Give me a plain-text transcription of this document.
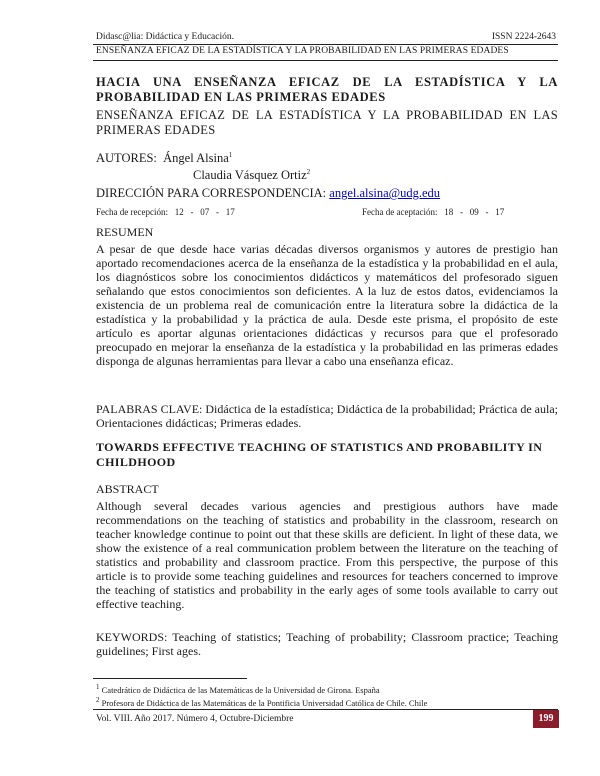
Didasc@lia: Didáctica y Educación.	ISSN 2224-2643
ENSEÑANZA EFICAZ DE LA ESTADÍSTICA Y LA PROBABILIDAD EN LAS PRIMERAS EDADES
HACIA UNA ENSEÑANZA EFICAZ DE LA ESTADÍSTICA Y LA PROBABILIDAD EN LAS PRIMERAS EDADES
ENSEÑANZA EFICAZ DE LA ESTADÍSTICA Y LA PROBABILIDAD EN LAS PRIMERAS EDADES
AUTORES: Ángel Alsina$^1$
Claudia Vásquez Ortiz$^2$
DIRECCIÓN PARA CORRESPONDENCIA: angel.alsina@udg.edu
Fecha de recepción:   12   -   07   -   17	Fecha de aceptación:   18   -   09   -   17
RESUMEN
A pesar de que desde hace varias décadas diversos organismos y autores de prestigio han aportado recomendaciones acerca de la enseñanza de la estadística y la probabilidad en el aula, los diagnósticos sobre los conocimientos didácticos y matemáticos del profesorado siguen señalando que estos conocimientos son deficientes. A la luz de estos datos, evidenciamos la existencia de un problema real de comunicación entre la literatura sobre la didáctica de la estadística y la probabilidad y la práctica de aula. Desde este prisma, el propósito de este artículo es aportar algunas orientaciones didácticas y recursos para que el profesorado preocupado en mejorar la enseñanza de la estadística y la probabilidad en las primeras edades disponga de algunas herramientas para llevar a cabo una enseñanza eficaz.
PALABRAS CLAVE: Didáctica de la estadística; Didáctica de la probabilidad; Práctica de aula; Orientaciones didácticas; Primeras edades.
TOWARDS EFFECTIVE TEACHING OF STATISTICS AND PROBABILITY IN CHILDHOOD
ABSTRACT
Although several decades various agencies and prestigious authors have made recommendations on the teaching of statistics and probability in the classroom, research on teacher knowledge continue to point out that these skills are deficient. In light of these data, we show the existence of a real communication problem between the literature on the teaching of statistics and probability and classroom practice. From this perspective, the purpose of this article is to provide some teaching guidelines and resources for teachers concerned to improve the teaching of statistics and probability in the early ages of some tools available to carry out effective teaching.
KEYWORDS: Teaching of statistics; Teaching of probability; Classroom practice; Teaching guidelines; First ages.
$^1$ Catedrático de Didáctica de las Matemáticas de la Universidad de Girona. España
$^2$ Profesora de Didáctica de las Matemáticas de la Pontificia Universidad Católica de Chile. Chile
Vol. VIII. Año 2017. Número 4, Octubre-Diciembre	199
